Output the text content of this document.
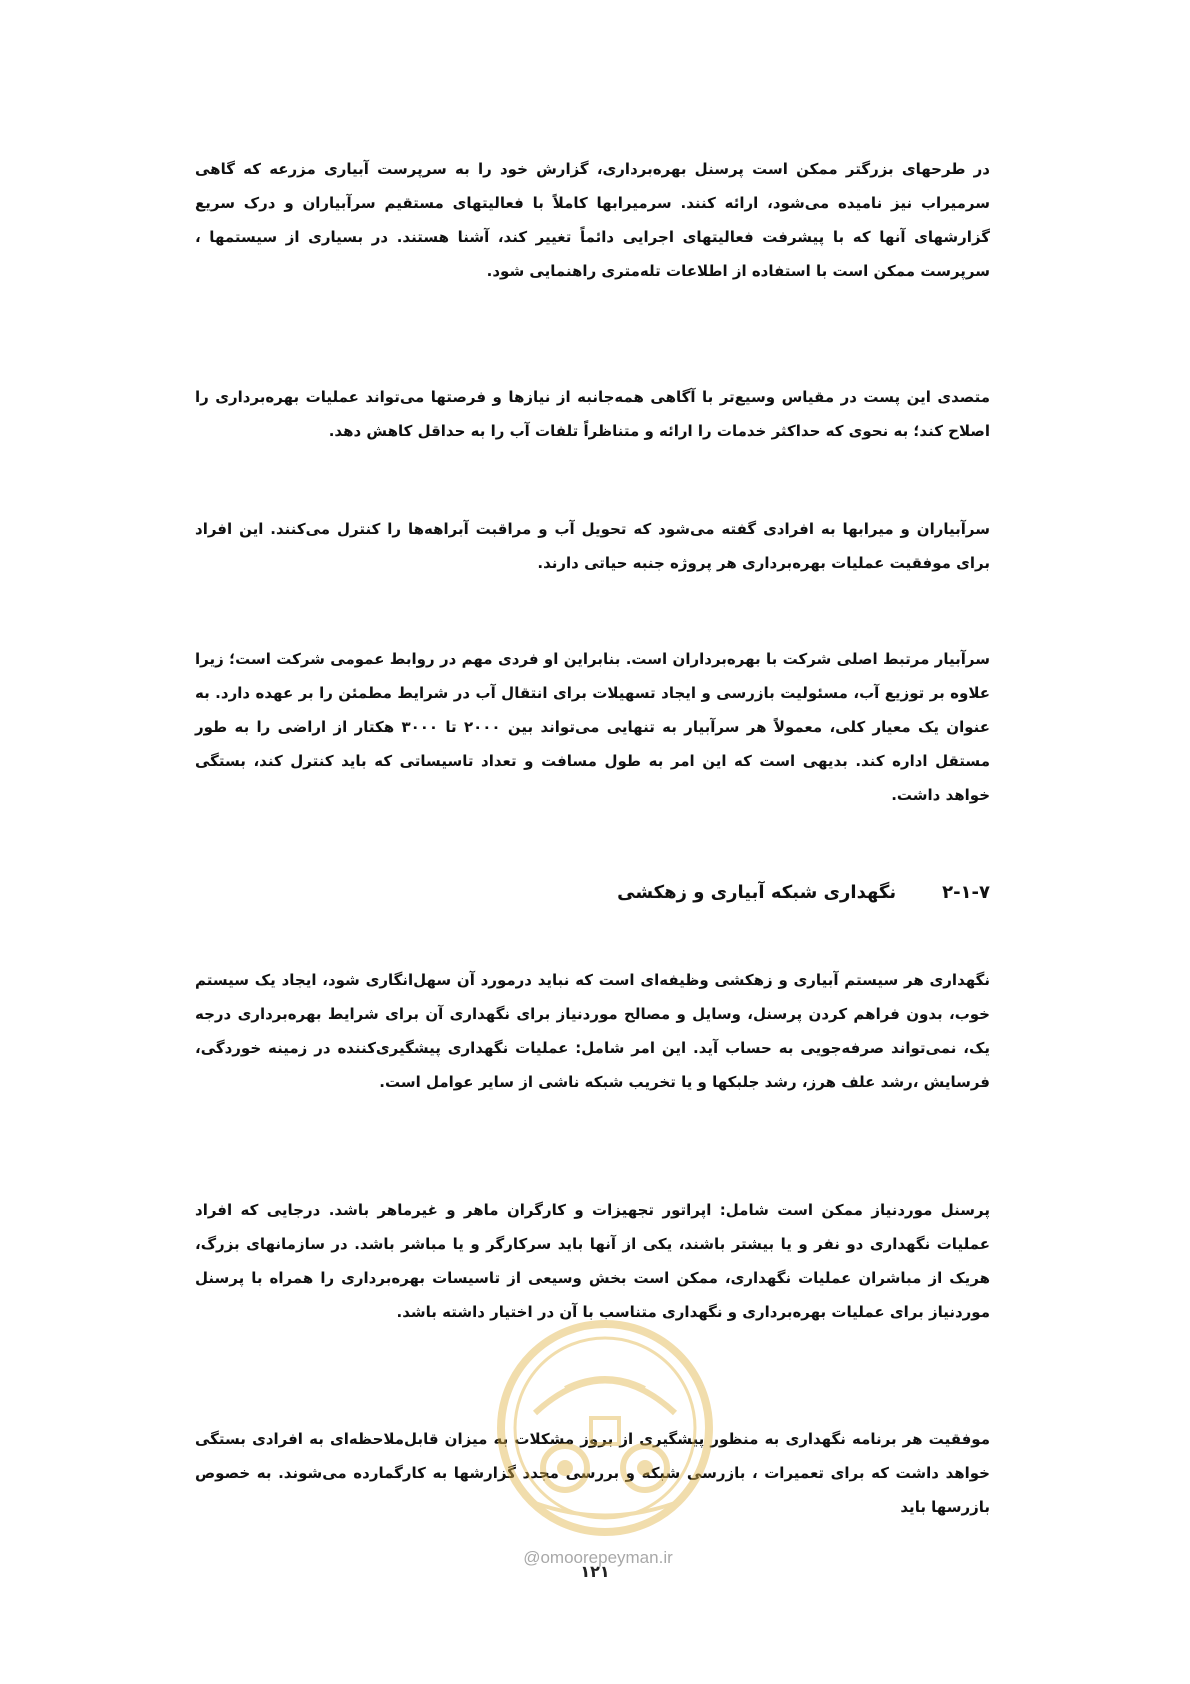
در طرحهای بزرگتر ممکن است پرسنل بهره‌برداری، گزارش خود را به سرپرست آبیاری مزرعه که گاهی سرمیراب نیز نامیده می‌شود، ارائه کنند. سرمیرابها کاملاً با فعالیتهای مستقیم سرآبیاران و درک سریع گزارشهای آنها که با پیشرفت فعالیتهای اجرایی دائماً تغییر کند، آشنا هستند. در بسیاری از سیستمها ، سرپرست ممکن است با استفاده از اطلاعات تله‌متری راهنمایی شود.

متصدی این پست در مقیاس وسیع‌تر با آگاهی همه‌جانبه از نیازها و فرصتها می‌تواند عملیات بهره‌برداری را اصلاح کند؛ به نحوی که حداکثر خدمات را ارائه و متناظراً تلفات آب را به حداقل کاهش دهد.

سرآبیاران و میرابها به افرادی گفته می‌شود که تحویل آب و مراقبت آبراهه‌ها را کنترل می‌کنند. این افراد برای موفقیت عملیات بهره‌برداری هر پروژه جنبه حیاتی دارند.

سرآبیار مرتبط اصلی شرکت با بهره‌برداران است. بنابراین او فردی مهم در روابط عمومی شرکت است؛ زیرا علاوه بر توزیع آب، مسئولیت بازرسی و ایجاد تسهیلات برای انتقال آب در شرایط مطمئن را بر عهده دارد. به عنوان یک معیار کلی، معمولاً هر سرآبیار به تنهایی می‌تواند بین ۲۰۰۰ تا ۳۰۰۰ هکتار از اراضی را به طور مستقل اداره کند. بدیهی است که این امر به طول مسافت و تعداد تاسیساتی که باید کنترل کند، بستگی خواهد داشت.

۲-۱-۷نگهداری شبکه آبیاری و زهکشی

نگهداری هر سیستم آبیاری و زهکشی وظیفه‌ای است که نباید درمورد آن سهل‌انگاری شود، ایجاد یک سیستم خوب، بدون فراهم کردن پرسنل، وسایل و مصالح موردنیاز برای نگهداری آن برای شرایط بهره‌برداری درجه یک، نمی‌تواند صرفه‌جویی به حساب آید. این امر شامل: عملیات نگهداری پیشگیری‌کننده در زمینه خوردگی، فرسایش ،رشد علف هرز، رشد جلبکها و یا تخریب شبکه ناشی از سایر عوامل است.

پرسنل موردنیاز ممکن است شامل: اپراتور تجهیزات و کارگران ماهر و غیرماهر باشد. درجایی که افراد عملیات نگهداری دو نفر و یا بیشتر باشند، یکی از آنها باید سرکارگر و یا مباشر باشد. در سازمانهای بزرگ، هریک از مباشران عملیات نگهداری، ممکن است بخش وسیعی از تاسیسات بهره‌برداری را همراه با پرسنل موردنیاز برای عملیات بهره‌برداری و نگهداری متناسب با آن در اختیار داشته باشد.

موفقیت هر برنامه نگهداری به منظور پیشگیری از بروز مشکلات به میزان قابل‌ملاحظه‌ای به افرادی بستگی خواهد داشت که برای تعمیرات ، بازرسی شبکه و بررسی مجدد گزارشها به کارگمارده می‌شوند. به خصوص بازرسها باید

@omoorepeyman.ir
۱۲۱
